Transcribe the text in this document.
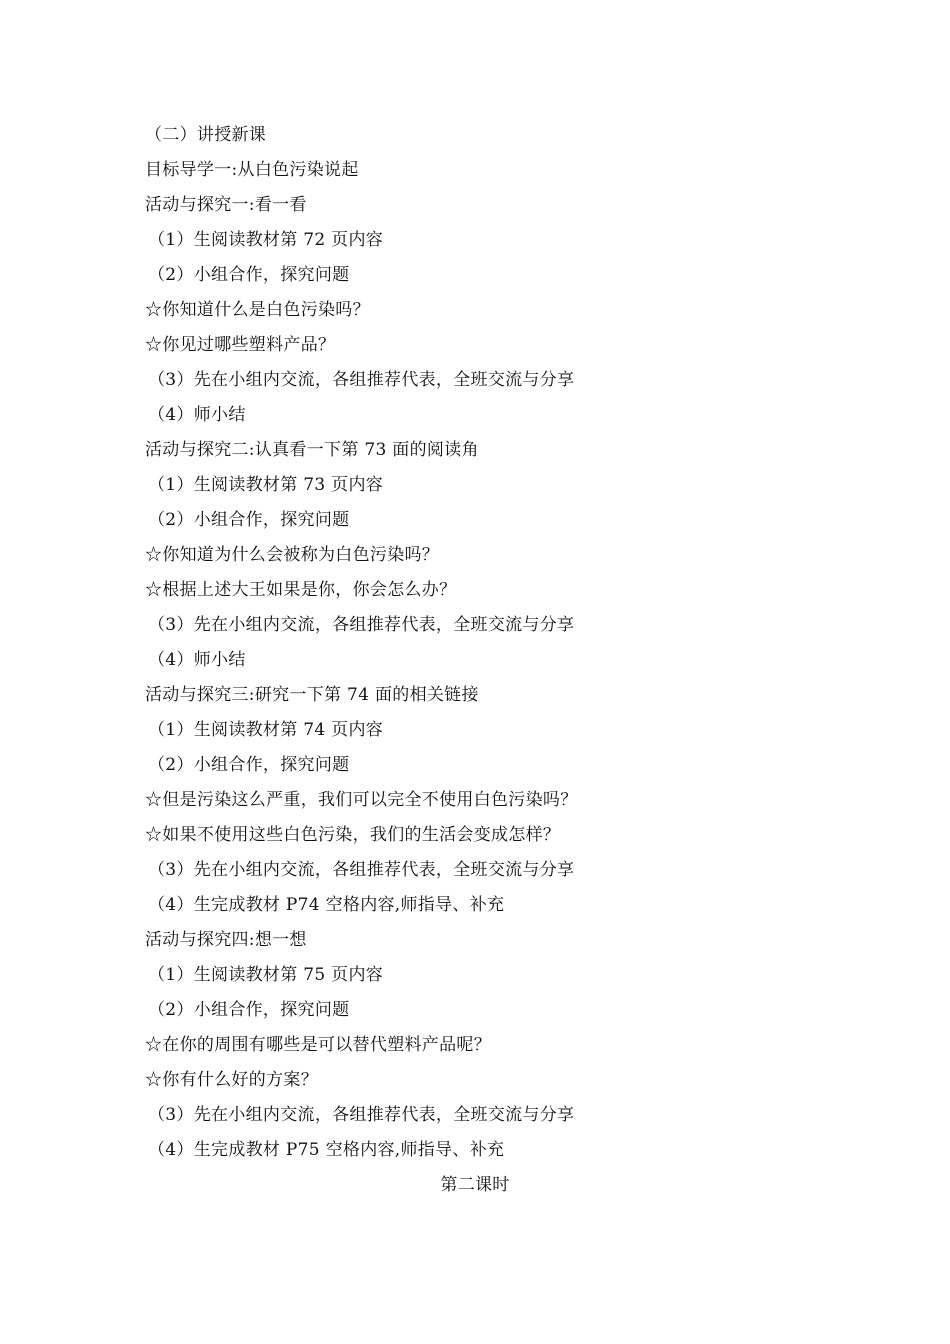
（二）讲授新课
目标导学一:从白色污染说起
活动与探究一:看一看
（1）生阅读教材第 72 页内容
（2）小组合作，探究问题
☆你知道什么是白色污染吗？
☆你见过哪些塑料产品？
（3）先在小组内交流，各组推荐代表，全班交流与分享
（4）师小结
活动与探究二:认真看一下第 73 面的阅读角
（1）生阅读教材第 73 页内容
（2）小组合作，探究问题
☆你知道为什么会被称为白色污染吗？
☆根据上述大王如果是你，你会怎么办？
（3）先在小组内交流，各组推荐代表，全班交流与分享
（4）师小结
活动与探究三:研究一下第 74 面的相关链接
（1）生阅读教材第 74 页内容
（2）小组合作，探究问题
☆但是污染这么严重，我们可以完全不使用白色污染吗？
☆如果不使用这些白色污染，我们的生活会变成怎样？
（3）先在小组内交流，各组推荐代表，全班交流与分享
（4）生完成教材 P74 空格内容,师指导、补充
活动与探究四:想一想
（1）生阅读教材第 75 页内容
（2）小组合作，探究问题
☆在你的周围有哪些是可以替代塑料产品呢？
☆你有什么好的方案？
（3）先在小组内交流，各组推荐代表，全班交流与分享
（4）生完成教材 P75 空格内容,师指导、补充
第二课时
